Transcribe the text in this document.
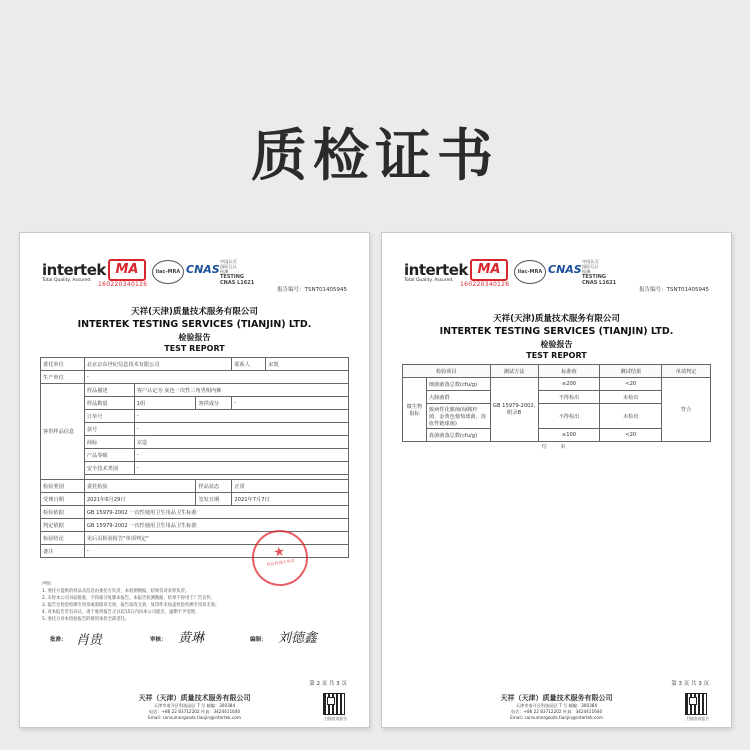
质检证书
intertek
Total Quality. Assured.
MA
160220340126
ilac-MRA CNAS
中国认可
国际互认
检测
TESTING
CNAS L1621
报告编号：TSNT01405945
天祥(天津)质量技术服务有限公司
INTERTEK TESTING SERVICES (TIANJIN) LTD.
检验报告
TEST REPORT
委托单位	北京京东世纪信息技术有限公司			联系人	宋凯
生产单位	-				
客供样品信息	样品描述	客户认定为 灰色一次性三角男相内裤			
	样品数量	1组	客供成分	-	
	订单号	-			
	款号	-			
	商标	京造			
	产品等级	-			
	安全技术类别	-			

检验类别	委托检验		样品状态	正常	
受理日期	2021年6月29日		签发日期	2021年7月7日	
检验依据	GB 15979-2002 一次性使用卫生用品卫生标准				
判定依据	GB 15979-2002 一次性使用卫生用品卫生标准				
检验结论	见后页检验报告"单项判定"				
备注	-					★
检验检测专用章
声明：
1. 委托方提供的样品及信息由委托方负责，本检测数据、结果仅对来样负责。
2. 未经本公司书面批准，不得部分复制本报告。本报告检测数据、结果不得用于广告宣传。
3. 报告无检验检测专用章或骑缝章无效，报告涂改无效，复印件未加盖检验检测专用章无效。
4. 对本报告若有异议，请于收到报告之日起15日内向本公司提出，逾期不予受理。
5. 委托方对本检验报告的使用承担全部责任。
批准： 肖贵	审核： 黄琳	编制： 刘德鑫
第 2 页 共 3 页
天祥（天津）质量技术服务有限公司
天津市南开区科技园区 7 号 邮编：300384
电话：+86 22 83712202 传真：3424411640
Email: consumergoods.tianjin@intertek.com	扫描查询报告
intertek
Total Quality. Assured.
MA
160220340126
ilac-MRA CNAS
中国认可
国际互认
检测
TESTING
CNAS L1621
报告编号：TSNT01405945
天祥(天津)质量技术服务有限公司
INTERTEK TESTING SERVICES (TIANJIN) LTD.
检验报告
TEST REPORT
检验项目		测试方法	标准值	测试结果	单项判定
微生物指标	细菌菌落总数(cfu/g)	GB 15979-2002,附录B	≤200	<20	符合
	大肠菌群		不得检出	未检出	
	致病性化脓菌(绿脓杆菌、金黄色葡萄球菌、溶血性链球菌)		不得检出	未检出	
	真菌菌落总数(cfu/g)		≤100	<20	
结 束
第 3 页 共 3 页
天祥（天津）质量技术服务有限公司
天津市南开区科技园区 7 号 邮编：300384
电话：+86 22 83712202 传真：3424411640
Email: consumergoods.tianjin@intertek.com	扫描查询报告
